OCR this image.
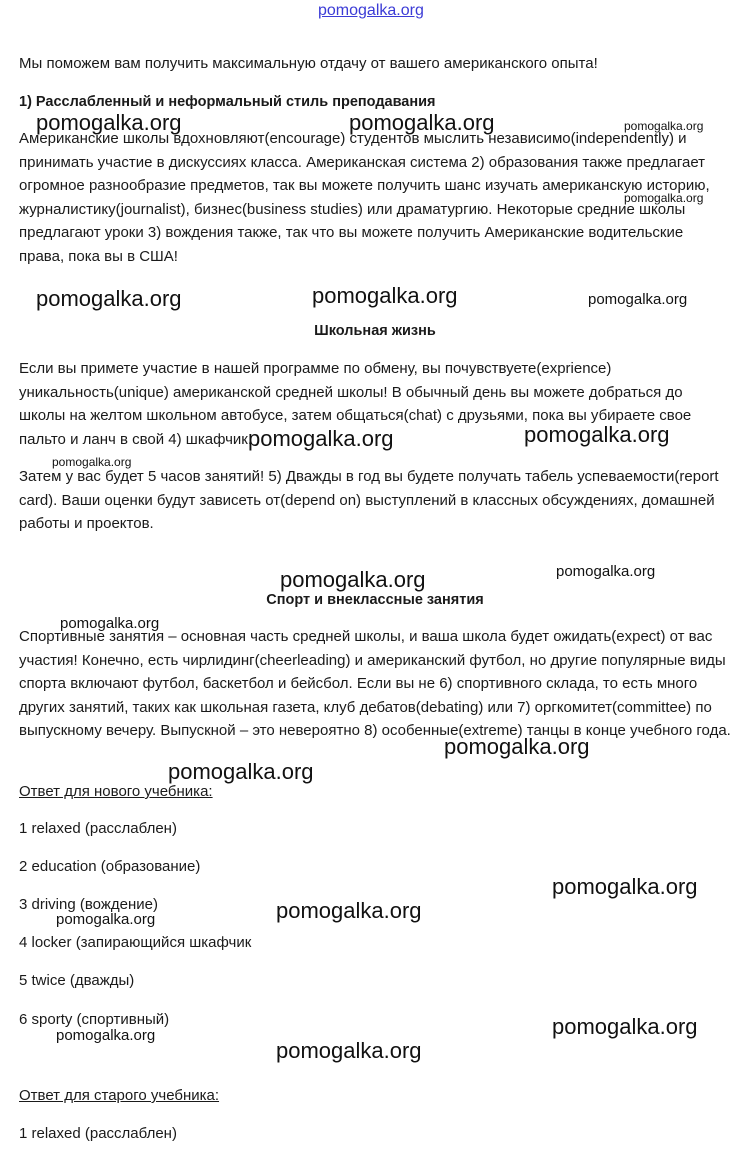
pomogalka.org

Мы поможем вам получить максимальную отдачу от вашего американского опыта!

1) Расслабленный и неформальный стиль преподавания

Американские школы вдохновляют(encourage) студентов мыслить независимо(independently) и принимать участие в дискуссиях класса. Американская система 2) образования также предлагает огромное разнообразие предметов, так вы можете получить шанс изучать американскую историю, журналистику(journalist), бизнес(business studies) или драматургию. Некоторые средние школы предлагают уроки 3) вождения также, так что вы можете получить Американские водительские права, пока вы в США!

Школьная жизнь

Если вы примете участие в нашей программе по обмену, вы почувствуете(exprience) уникальность(unique) американской средней школы! В обычный день вы можете добраться до школы на желтом школьном автобусе, затем общаться(chat) с друзьями, пока вы убираете свое пальто и ланч в свой 4) шкафчик.

Затем у вас будет 5 часов занятий! 5) Дважды в год вы будете получать табель успеваемости(report card). Ваши оценки будут зависеть от(depend on) выступлений в классных обсуждениях, домашней работы и проектов.

Спорт и внеклассные занятия

Спортивные занятия – основная часть средней школы, и ваша школа будет ожидать(expect) от вас участия! Конечно, есть чирлидинг(cheerleading) и американский футбол, но другие популярные виды спорта включают футбол, баскетбол и бейсбол. Если вы не 6) спортивного склада, то есть много других занятий, таких как школьная газета, клуб дебатов(debating) или 7) оргкомитет(committee) по выпускному вечеру. Выпускной – это невероятно 8) особенные(extreme) танцы в конце учебного года.

Ответ для нового учебника:

1 relaxed (расслаблен)

2 education (образование)

3 driving (вождение)

4 locker (запирающийся шкафчик

5 twice (дважды)

6 sporty (спортивный)

Ответ для старого учебника:

1 relaxed (расслаблен)

pomogalka.org	pomogalka.org	pomogalka.org
pomogalka.org
pomogalka.org	pomogalka.org	pomogalka.org
pomogalka.org	pomogalka.org
pomogalka.org
pomogalka.org	pomogalka.org
pomogalka.org
pomogalka.org
pomogalka.org
pomogalka.org
pomogalka.org
pomogalka.org
pomogalka.org
pomogalka.org
pomogalka.org
